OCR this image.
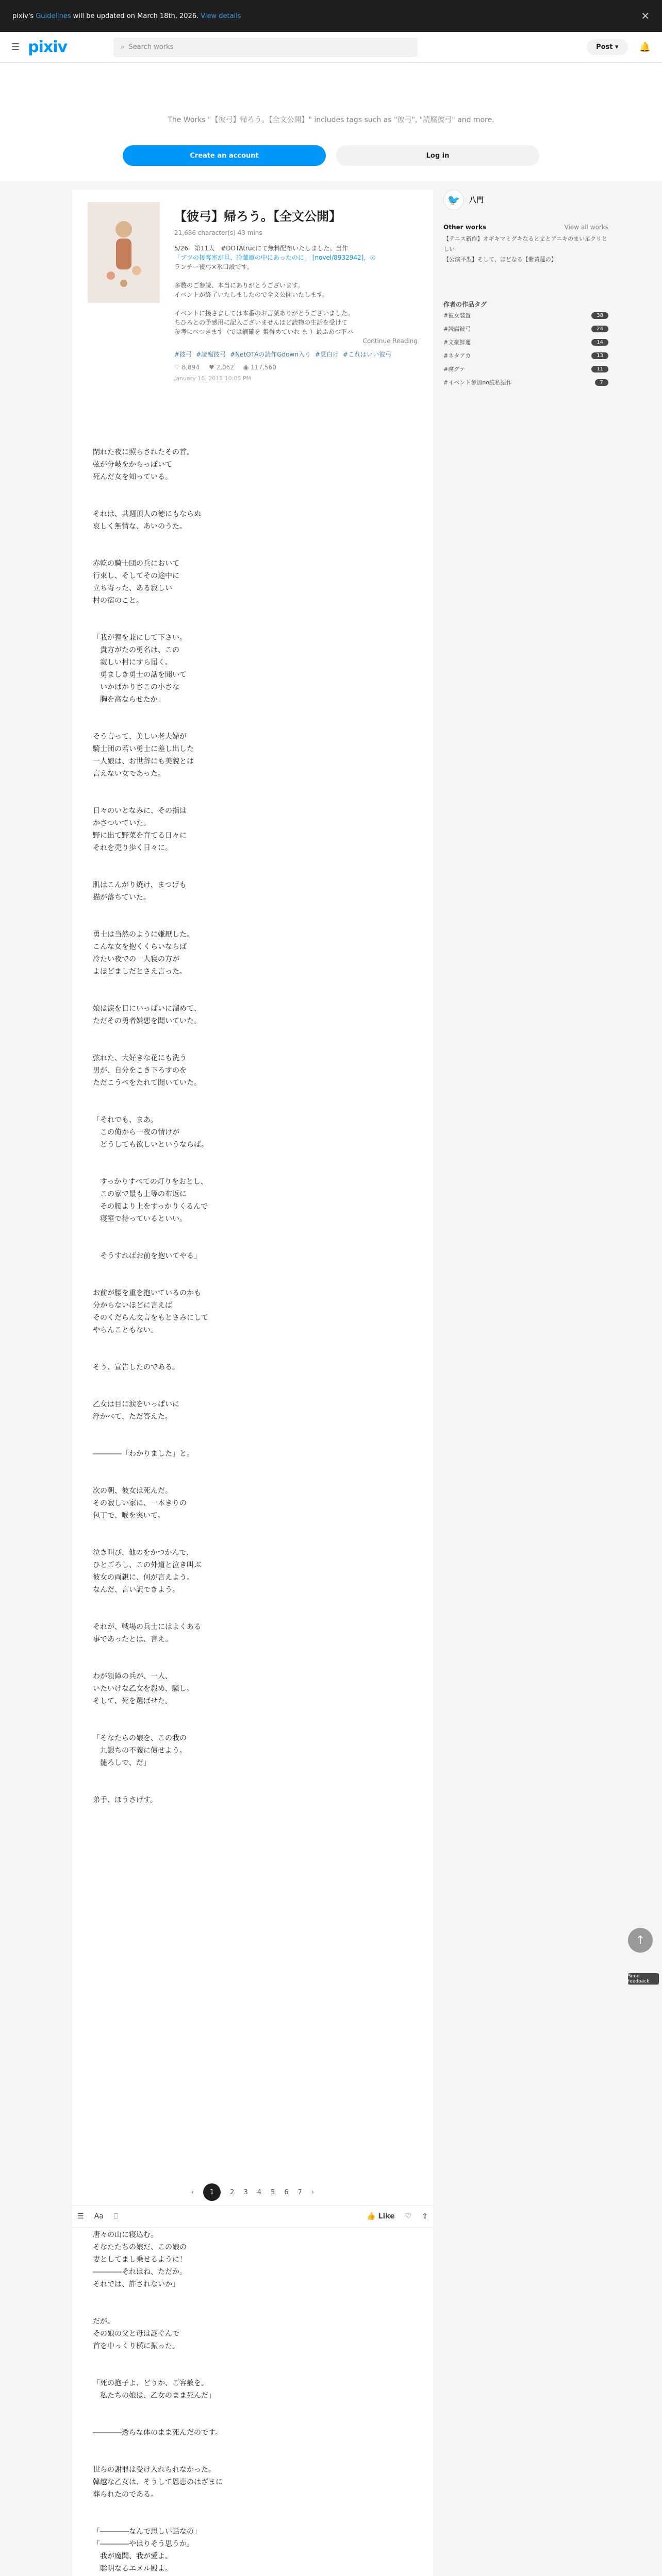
pixiv's Guidelines will be updated on March 18th, 2026. View details	✕
☰ pixiv	⌕ Search works	Post ▾	🔔
The Works "【彼弓】帰ろう。【全文公開】" includes tags such as "彼弓", "読腐彼弓" and more.
Create an account	Log in
【彼弓】帰ろう。【全文公開】
21,686 character(s) 43 mins

5/26　第11大　#DOTAtrucにて無料配布いたしました。当作

「ブツの接客室が旦、冷蔵庫の中にあったのに」 [novel/8932942]，の

ランチー後弓×氷口設です。

多数のご参読、本当にありがとうございます。

イベントが終了いたしましたので全文公開いたします。

イベントに接さましては本番のお言葉ありがとうございました。

ちひろとの予感用に記入ございませんほど読物の生話を受けて

参考にべつきます（では摘確を 集得めていれ ま ）最ふあつ下バ

Continue Reading
#彼弓 #読腐彼弓 #NetOTAの読作Gdown入り #見白け #これはいい彼弓
♡ 8,894 ♥ 2,062 ◉ 117,560
January 16, 2018 10:05 PM

閉れた夜に照らされたその首。

弦が分岐をからっぽいて

死んだ女を知っている。

それは、共週頂人の徳にもならぬ

哀しく無情な、あいのうた。

赤乾の騎士団の兵において

行束し、そしてその途中に

立ち寄った、ある寂しい

村の宿のこと。

「我が狸を兼にして下さい。

　貴方がたの勇名は、この

　寂しい村にすら届く。

　勇ましき勇士の話を聞いて

　いかばかりさこの小さな

　胸を高ならせたか」

そう言って、美しい老夫婦が

騎士団の若い勇士に差し出した

一人娘は、お世辞にも美貌とは

言えない女であった。

日々のいとなみに、その指は

かさついていた。

野に出て野菜を育てる日々に

それを売り歩く日々に。

肌はこんがり焼け、まつげも

描が落ちていた。

勇士は当然のように嫌厭した。

こんな女を抱くくらいならば

冷たい夜での一人寝の方が

よほどましだとさえ言った。

娘は涙を目にいっぱいに溜めて、

ただその勇者嫌悪を聞いていた。

弦れた、大好きな花にも洗う

男が、自分をこき下ろすのを

ただこうべをたれて聞いていた。

「それでも、まあ。

　この俺から一夜の情けが

　どうしても欲しいというならば。

　すっかりすべての灯りをおとし、

　この家で最も上等の布返に

　その腰より上をすっかりくるんで

　寝室で待っているといい。

　そうすればお前を抱いてやる」

お前が腰を重を抱いているのかも

分からないほどに言えば

そのくだらん文言をもとさみにして

やらんこともない。

そう、宣告したのである。

乙女は目に涙をいっぱいに

浮かべて、ただ答えた。

――――「わかりました」と。

次の朝、彼女は死んだ。

その寂しい家に、一本きりの

包丁で、喉を突いて。

泣き叫び、他のをかつかんで、

ひとごろし、この外道と泣き叫ぶ

彼女の両親に、何が言えよう。

なんだ、言い訳できよう。

それが、戦場の兵士にはよくある

事であったとは、言え。

わが領障の兵が、一人、

いたいけな乙女を殺め、騒し。

そして、死を選ばせた。

「そなたらの娘を、この我の

　九銀ちの不義に償せよう。

　罷ろしで、だ」

弟手、ほうさげす。

‹	1	2 3 4 5 6 7 ›
☰ Aa ⎕	👍 Like ♡ ⇪

唐々の山に寝込む。

そなたたちの娘だ、この娘の

妻としてまし乗せるように！

――――それはね、ただか。

それでは、許されないか」

だが。

その娘の父と母は謎ぐんで

首を中っくり横に振った。

「死の抱子よ、どうか、ご容赦を。

　私たちの娘は、乙女のまま死んだ」

――――透らな体のまま死んだのです。

世らの謝罪は受け入れられなかった。

韓越な乙女は、そうして恩恵のはざまに

葬られたのである。

「――――なんで思しい話なの」

「――――やはりそう思うか。

　我が魔聞、我が愛よ。

　聡明なるエメル殿よ。

🐦	八門
Other works	View all works
【テニス新作】オギキマミグキなると丈とアニキのまい足クリとしい
【公演平型】そして、ほどなる【紫黄蓮の】
作者の作品タグ
#彼女装置	38
#読腐彼弓	24
#文豪鮮運	14
#ネタアカ	13
#腐グテ	11
#イベント参加no読私振作	7
↑
Send feedback
